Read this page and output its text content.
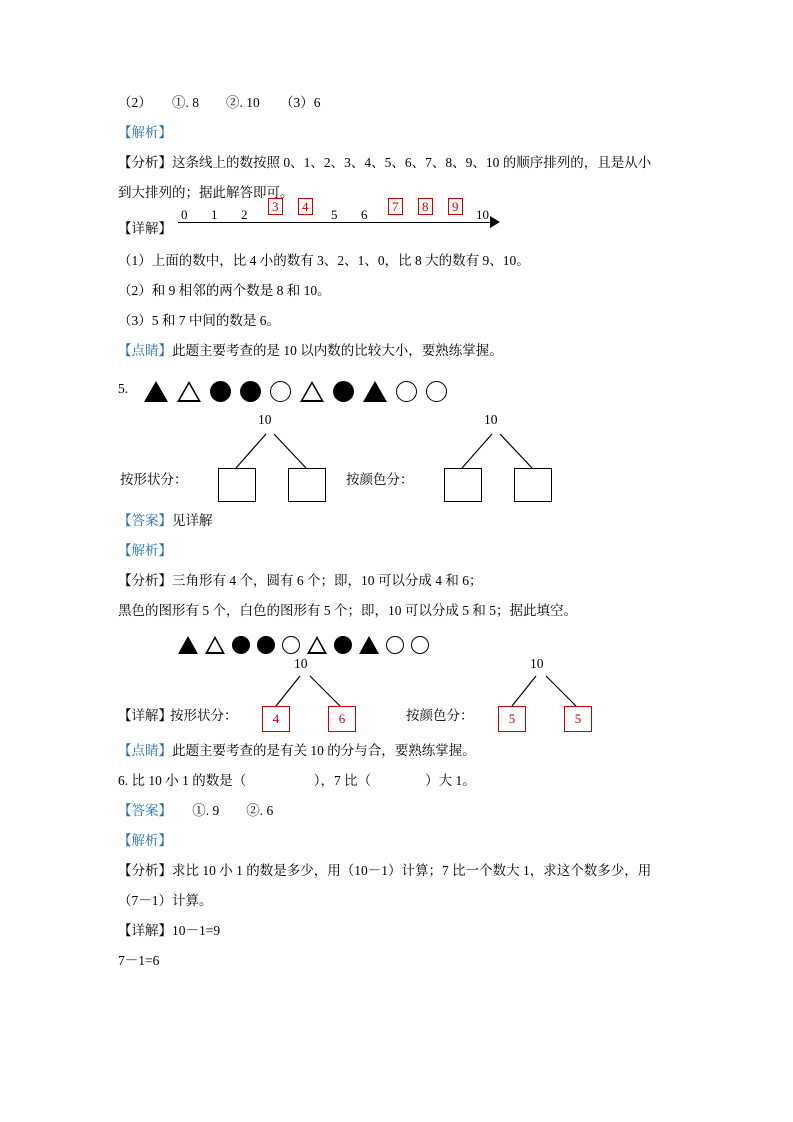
（2）　　①. 8　　②. 10　　（3）6
【解析】
【分析】这条线上的数按照 0、1、2、3、4、5、6、7、8、9、10 的顺序排列的，且是从小
到大排列的；据此解答即可。
【详解】
0 1 2
3	4
5 6
7	8	9
10
（1）上面的数中，比 4 小的数有 3、2、1、0，比 8 大的数有 9、10。
（2）和 9 相邻的两个数是 8 和 10。
（3）5 和 7 中间的数是 6。
【点睛】此题主要考查的是 10 以内数的比较大小，要熟练掌握。
5.
按形状分：
10
按颜色分：
10
【答案】见详解
【解析】
【分析】三角形有 4 个，圆有 6 个；即，10 可以分成 4 和 6；
黑色的图形有 5 个，白色的图形有 5 个；即，10 可以分成 5 和 5；据此填空。
【详解】
按形状分：
10
4	6	按颜色分：
10
5	5
【点睛】此题主要考查的是有关 10 的分与合，要熟练掌握。
6. 比 10 小 1 的数是（　　　　　），7 比（　　　　）大 1。
【答案】　　①. 9　　②. 6
【解析】
【分析】求比 10 小 1 的数是多少，用（10－1）计算；7 比一个数大 1，求这个数多少，用
（7－1）计算。
【详解】10－1=9
7－1=6
